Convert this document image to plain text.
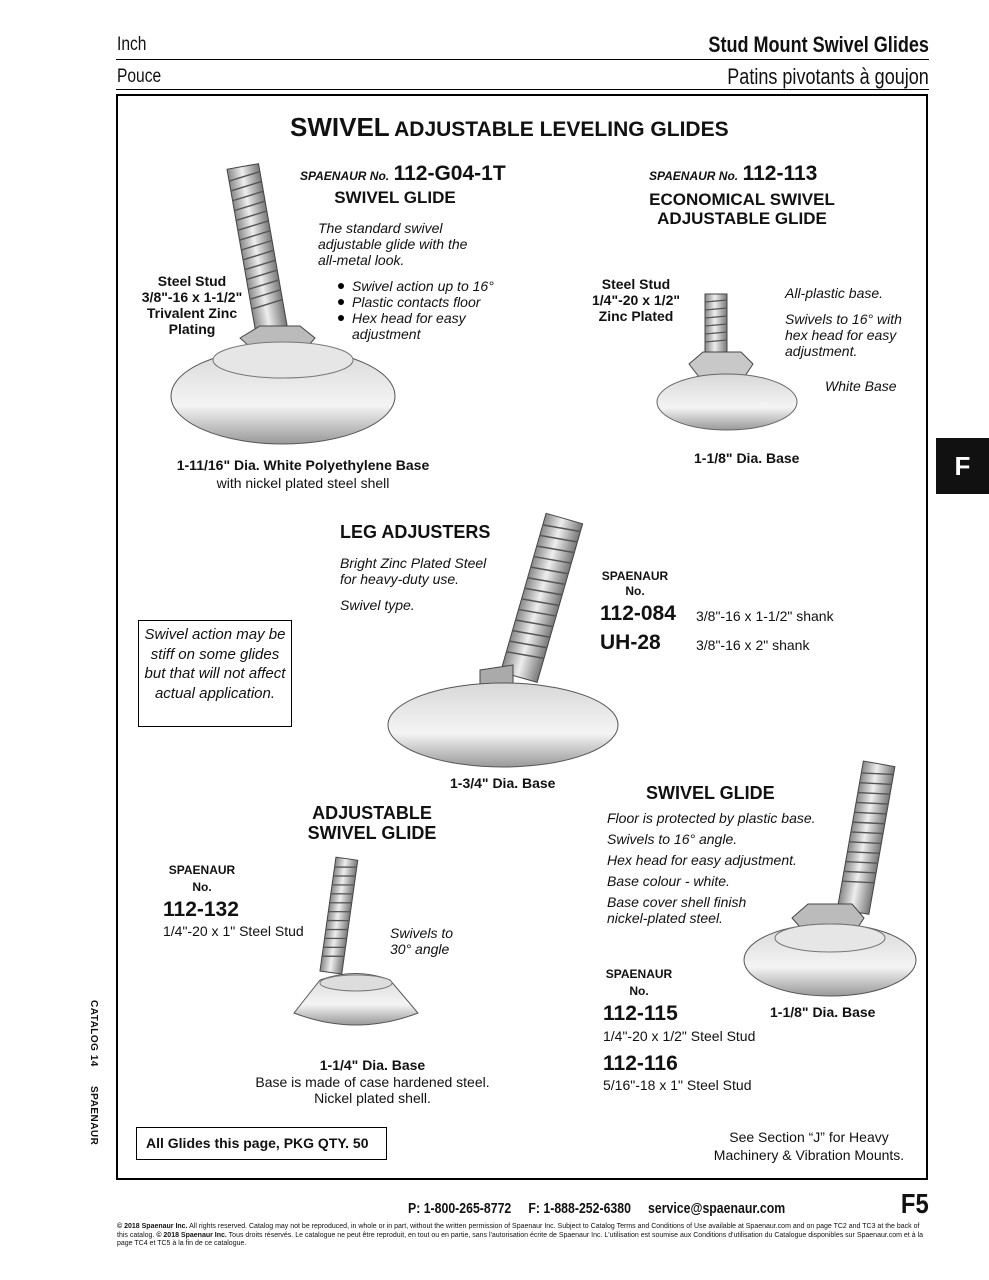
Inch
Pouce
Stud Mount Swivel Glides
Patins pivotants à goujon
F
SWIVEL ADJUSTABLE LEVELING GLIDES
SPAENAUR No. 112-G04-1T
SWIVEL GLIDE
The standard swivel adjustable glide with the all-metal look.
Swivel action up to 16°
Plastic contacts floor
Hex head for easy adjustment
Steel Stud
3/8"-16 x 1-1/2"
Trivalent Zinc
Plating
1-11/16" Dia. White Polyethylene Base
with nickel plated steel shell
SPAENAUR No. 112-113
ECONOMICAL SWIVEL
ADJUSTABLE GLIDE
Steel Stud
1/4"-20 x 1/2"
Zinc Plated
All-plastic base.
Swivels to 16° with hex head for easy adjustment.
White Base
1-1/8" Dia. Base
LEG ADJUSTERS
Bright Zinc Plated Steel for heavy-duty use.
Swivel type.
SPAENAUR
No.
112-084 3/8"-16 x 1-1/2" shank
UH-28	3/8"-16 x 2" shank
1-3/4" Dia. Base
Swivel action may be stiff on some glides but that will not affect actual application.
ADJUSTABLE
SWIVEL GLIDE
SPAENAUR
No.
112-132
1/4"-20 x 1" Steel Stud	Swivels to
30° angle
1-1/4" Dia. Base
Base is made of case hardened steel.
Nickel plated shell.
SWIVEL GLIDE
Floor is protected by plastic base.
Swivels to 16° angle.
Hex head for easy adjustment.
Base colour - white.
Base cover shell finish nickel-plated steel.
1-1/8" Dia. Base
SPAENAUR
No.
112-115
1/4"-20 x 1/2" Steel Stud
112-116
5/16"-18 x 1" Steel Stud
All Glides this page, PKG QTY. 50	See Section “J” for Heavy Machinery & Vibration Mounts.
CATALOG 14
SPAENAUR
P: 1-800-265-8772 F: 1-888-252-6380 service@spaenaur.com	F5
© 2018 Spaenaur Inc. All rights reserved. Catalog may not be reproduced, in whole or in part, without the written permission of Spaenaur Inc. Subject to Catalog Terms and Conditions of Use available at Spaenaur.com and on page TC2 and TC3 at the back of this catalog. © 2018 Spaenaur Inc. Tous droits réservés. Le catalogue ne peut être reproduit, en tout ou en partie, sans l'autorisation écrite de Spaenaur Inc. L'utilisation est soumise aux Conditions d'utilisation du Catalogue disponibles sur Spaenaur.com et à la page TC4 et TC5 à la fin de ce catalogue.
